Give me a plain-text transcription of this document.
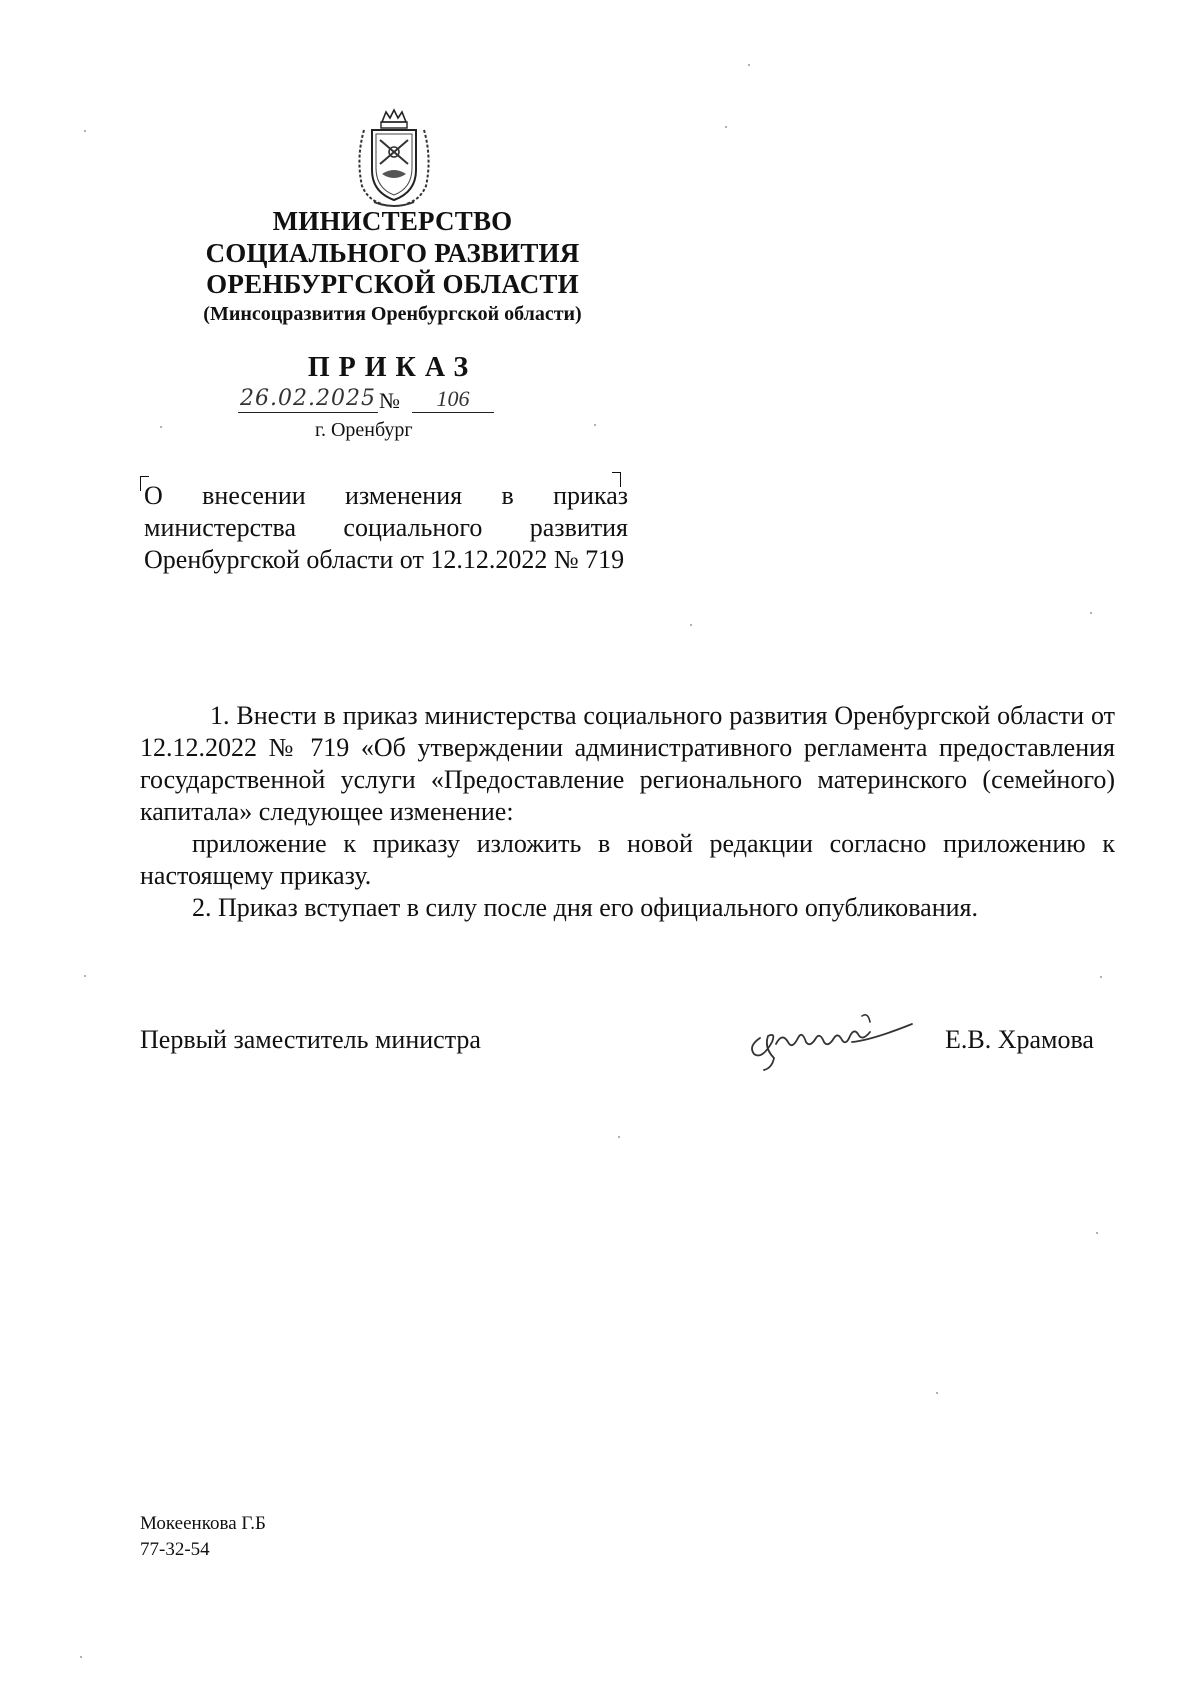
МИНИСТЕРСТВО
СОЦИАЛЬНОГО РАЗВИТИЯ
ОРЕНБУРГСКОЙ ОБЛАСТИ
(Минсоцразвития Оренбургской области)
ПРИКАЗ
26.02.2025 №	106
г. Оренбург
О внесении изменения в приказ министерства социального развития Оренбургской области от 12.12.2022 № 719

1. Внести в приказ министерства социального развития Оренбургской области от 12.12.2022 № 719 «Об утверждении административного регламента предоставления государственной услуги «Предоставление регионального материнского (семейного) капитала» следующее изменение:

приложение к приказу изложить в новой редакции согласно приложению к настоящему приказу.

2. Приказ вступает в силу после дня его официального опубликования.

Первый заместитель министра	Е.В. Храмова
Мокеенкова Г.Б
77-32-54
